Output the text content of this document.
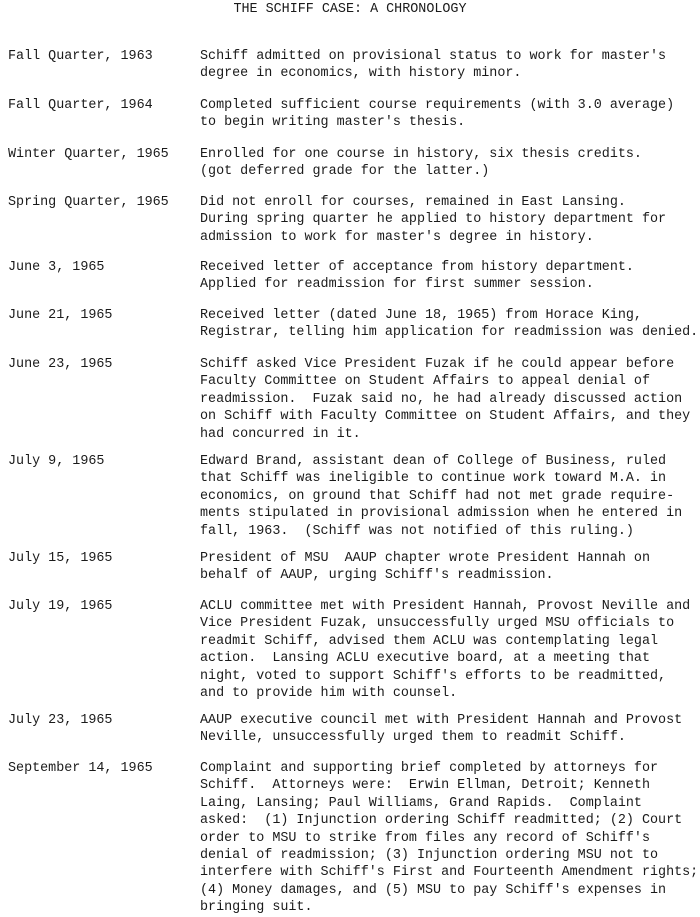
THE SCHIFF CASE: A CHRONOLOGY
Fall Quarter, 1963	Schiff admitted on provisional status to work for master's
degree in economics, with history minor.
Fall Quarter, 1964	Completed sufficient course requirements (with 3.0 average)
to begin writing master's thesis.
Winter Quarter, 1965 Enrolled for one course in history, six thesis credits.
(got deferred grade for the latter.)
Spring Quarter, 1965 Did not enroll for courses, remained in East Lansing.
During spring quarter he applied to history department for
admission to work for master's degree in history.
June 3, 1965	Received letter of acceptance from history department.
Applied for readmission for first summer session.
June 21, 1965	Received letter (dated June 18, 1965) from Horace King,
Registrar, telling him application for readmission was denied.
June 23, 1965	Schiff asked Vice President Fuzak if he could appear before
Faculty Committee on Student Affairs to appeal denial of
readmission.  Fuzak said no, he had already discussed action
on Schiff with Faculty Committee on Student Affairs, and they
had concurred in it.
July 9, 1965	Edward Brand, assistant dean of College of Business, ruled
that Schiff was ineligible to continue work toward M.A. in
economics, on ground that Schiff had not met grade require-
ments stipulated in provisional admission when he entered in
fall, 1963.  (Schiff was not notified of this ruling.)
July 15, 1965	President of MSU  AAUP chapter wrote President Hannah on
behalf of AAUP, urging Schiff's readmission.
July 19, 1965	ACLU committee met with President Hannah, Provost Neville and
Vice President Fuzak, unsuccessfully urged MSU officials to
readmit Schiff, advised them ACLU was contemplating legal
action.  Lansing ACLU executive board, at a meeting that
night, voted to support Schiff's efforts to be readmitted,
and to provide him with counsel.
July 23, 1965	AAUP executive council met with President Hannah and Provost
Neville, unsuccessfully urged them to readmit Schiff.
September 14, 1965	Complaint and supporting brief completed by attorneys for
Schiff.  Attorneys were:  Erwin Ellman, Detroit; Kenneth
Laing, Lansing; Paul Williams, Grand Rapids.  Complaint
asked:  (1) Injunction ordering Schiff readmitted; (2) Court
order to MSU to strike from files any record of Schiff's
denial of readmission; (3) Injunction ordering MSU not to
interfere with Schiff's First and Fourteenth Amendment rights;
(4) Money damages, and (5) MSU to pay Schiff's expenses in
bringing suit.
